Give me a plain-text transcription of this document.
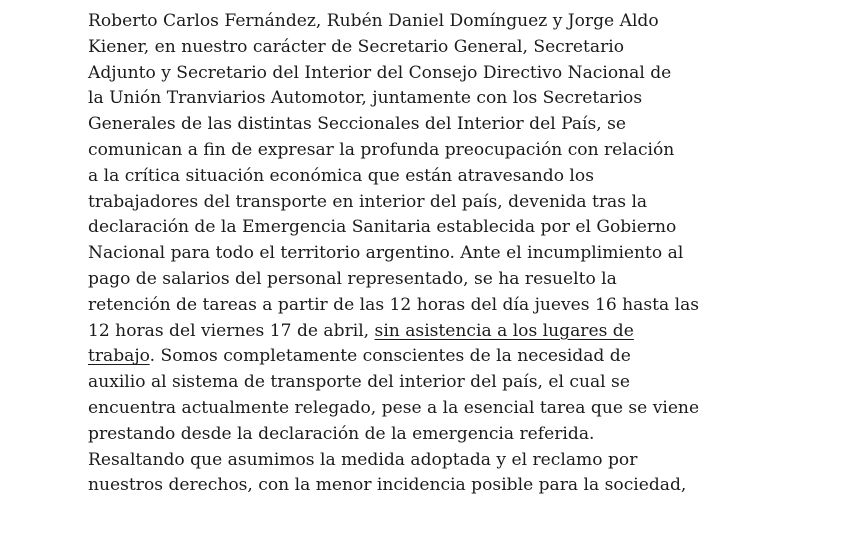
Roberto Carlos Fernández, Rubén Daniel Domínguez y Jorge Aldo
Kiener, en nuestro carácter de Secretario General, Secretario
Adjunto y Secretario del Interior del Consejo Directivo Nacional de
la Unión Tranviarios Automotor, juntamente con los Secretarios
Generales de las distintas Seccionales del Interior del País, se
comunican a fin de expresar la profunda preocupación con relación
a la crítica situación económica que están atravesando los
trabajadores del transporte en interior del país, devenida tras la
declaración de la Emergencia Sanitaria establecida por el Gobierno
Nacional para todo el territorio argentino. Ante el incumplimiento al
pago de salarios del personal representado, se ha resuelto la
retención de tareas a partir de las 12 horas del día jueves 16 hasta las
12 horas del viernes 17 de abril, sin asistencia a los lugares de
trabajo. Somos completamente conscientes de la necesidad de
auxilio al sistema de transporte del interior del país, el cual se
encuentra actualmente relegado, pese a la esencial tarea que se viene
prestando desde la declaración de la emergencia referida.
Resaltando que asumimos la medida adoptada y el reclamo por
nuestros derechos, con la menor incidencia posible para la sociedad,
